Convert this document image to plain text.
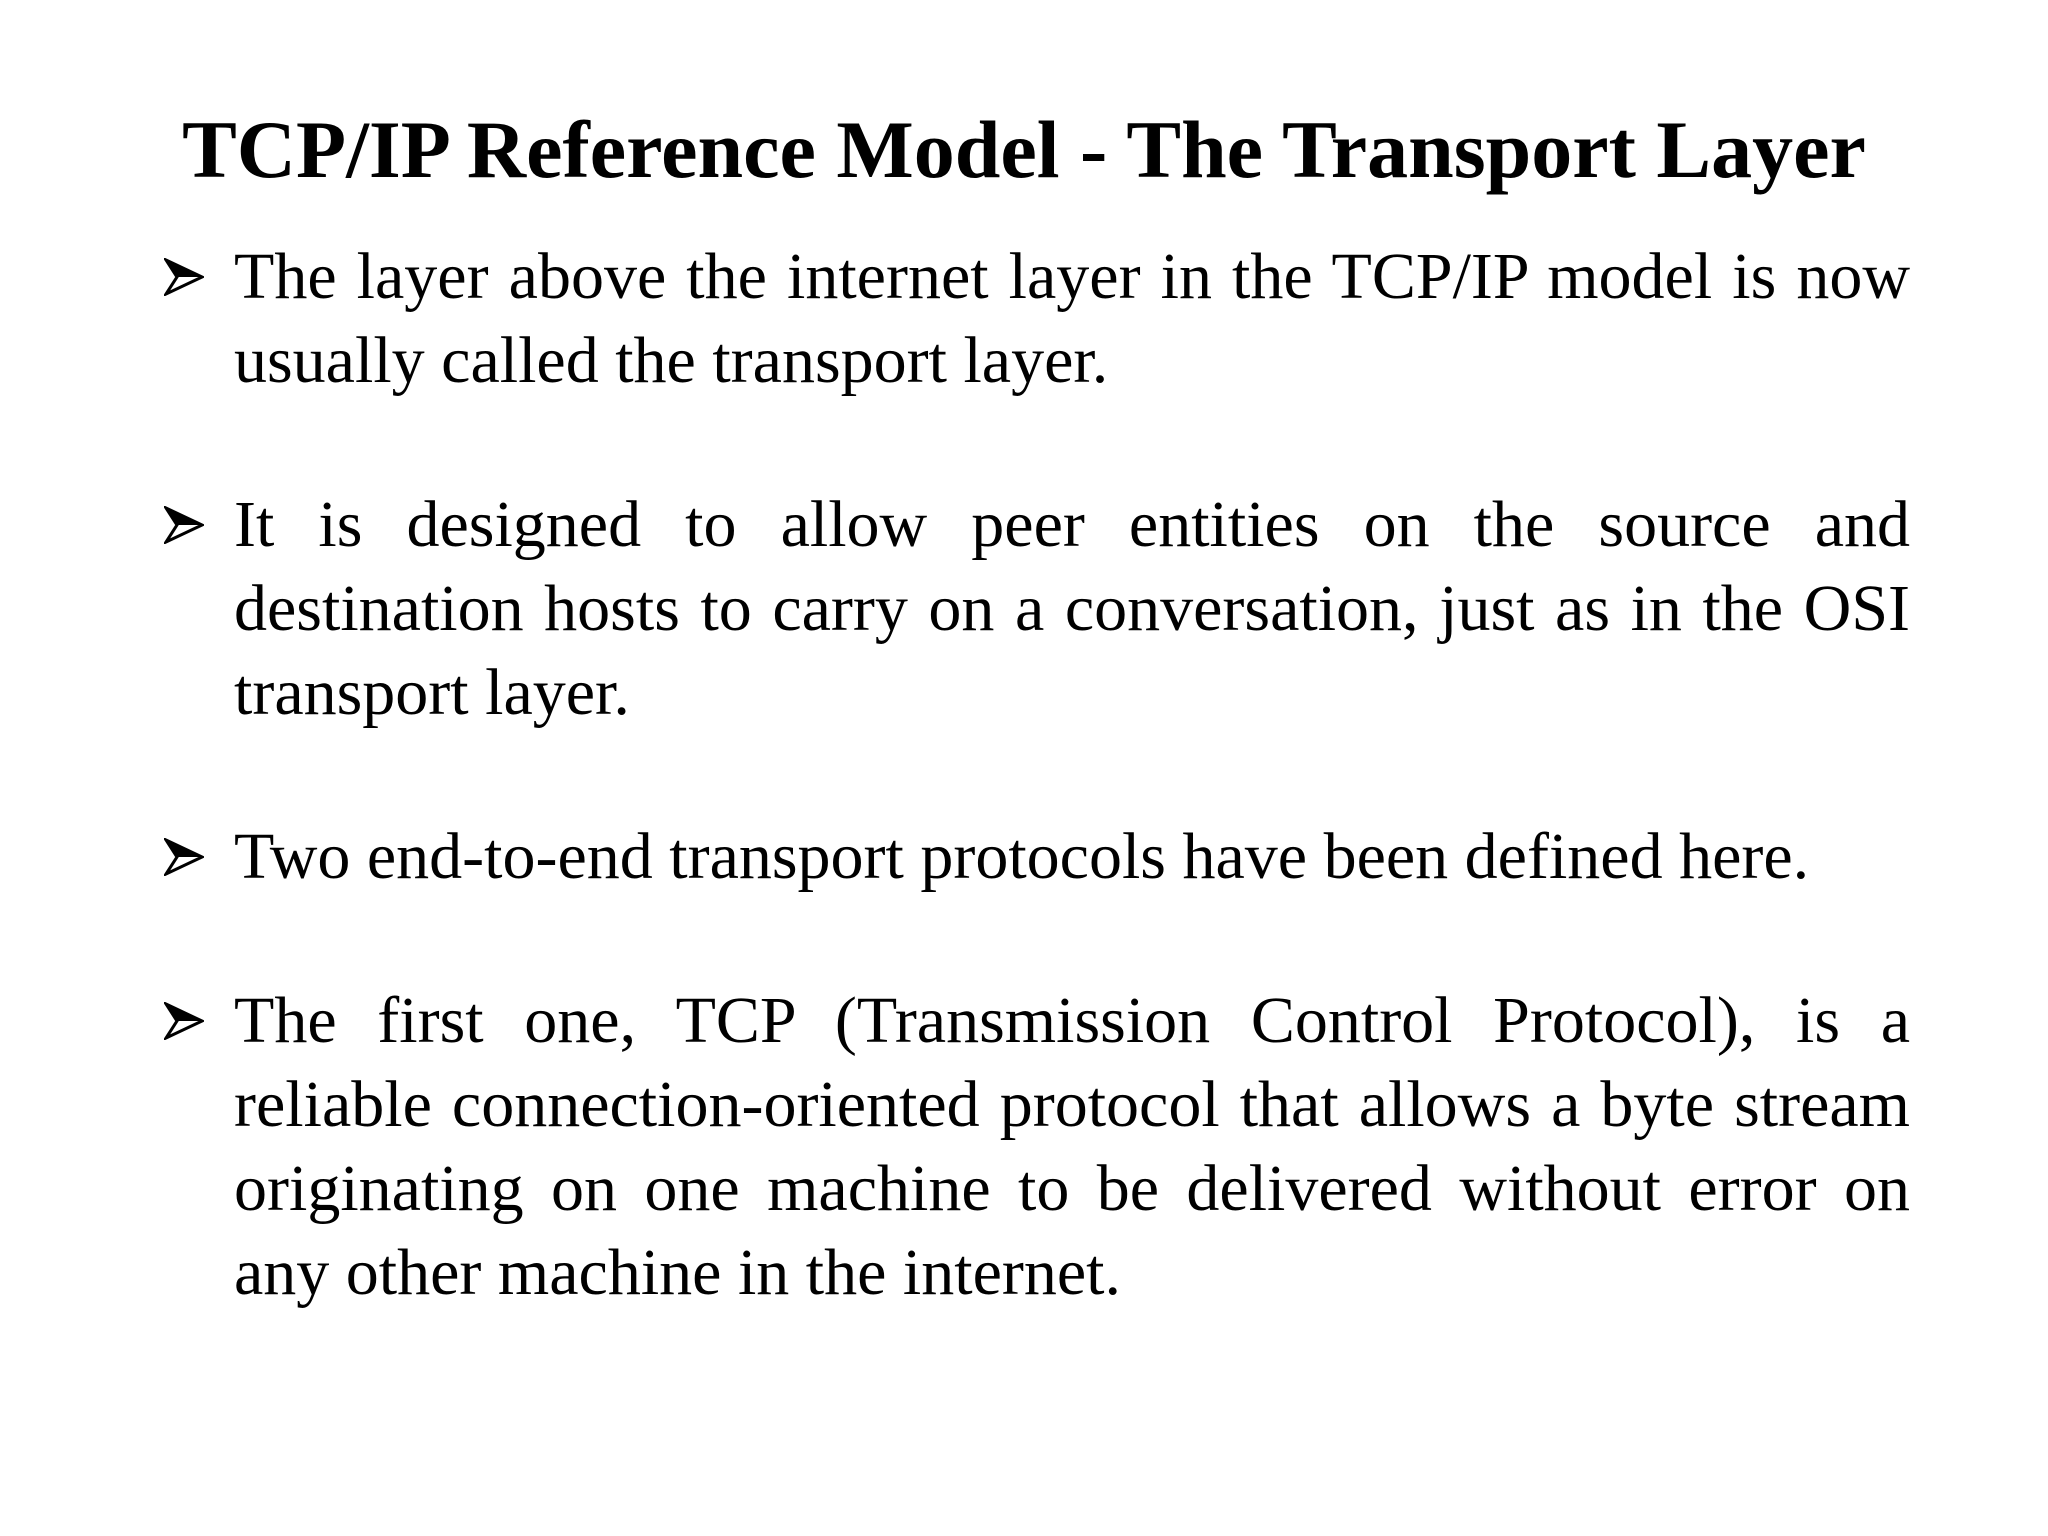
TCP/IP Reference Model - The Transport Layer
The layer above the internet layer in the TCP/IP model is now usually called the transport layer.
It is designed to allow peer entities on the source and destination hosts to carry on a conversation, just as in the OSI transport layer.
Two end-to-end transport protocols have been defined here.
The first one, TCP (Transmission Control Protocol), is a reliable connection-oriented protocol that allows a byte stream originating on one machine to be delivered without error on any other machine in the internet.
